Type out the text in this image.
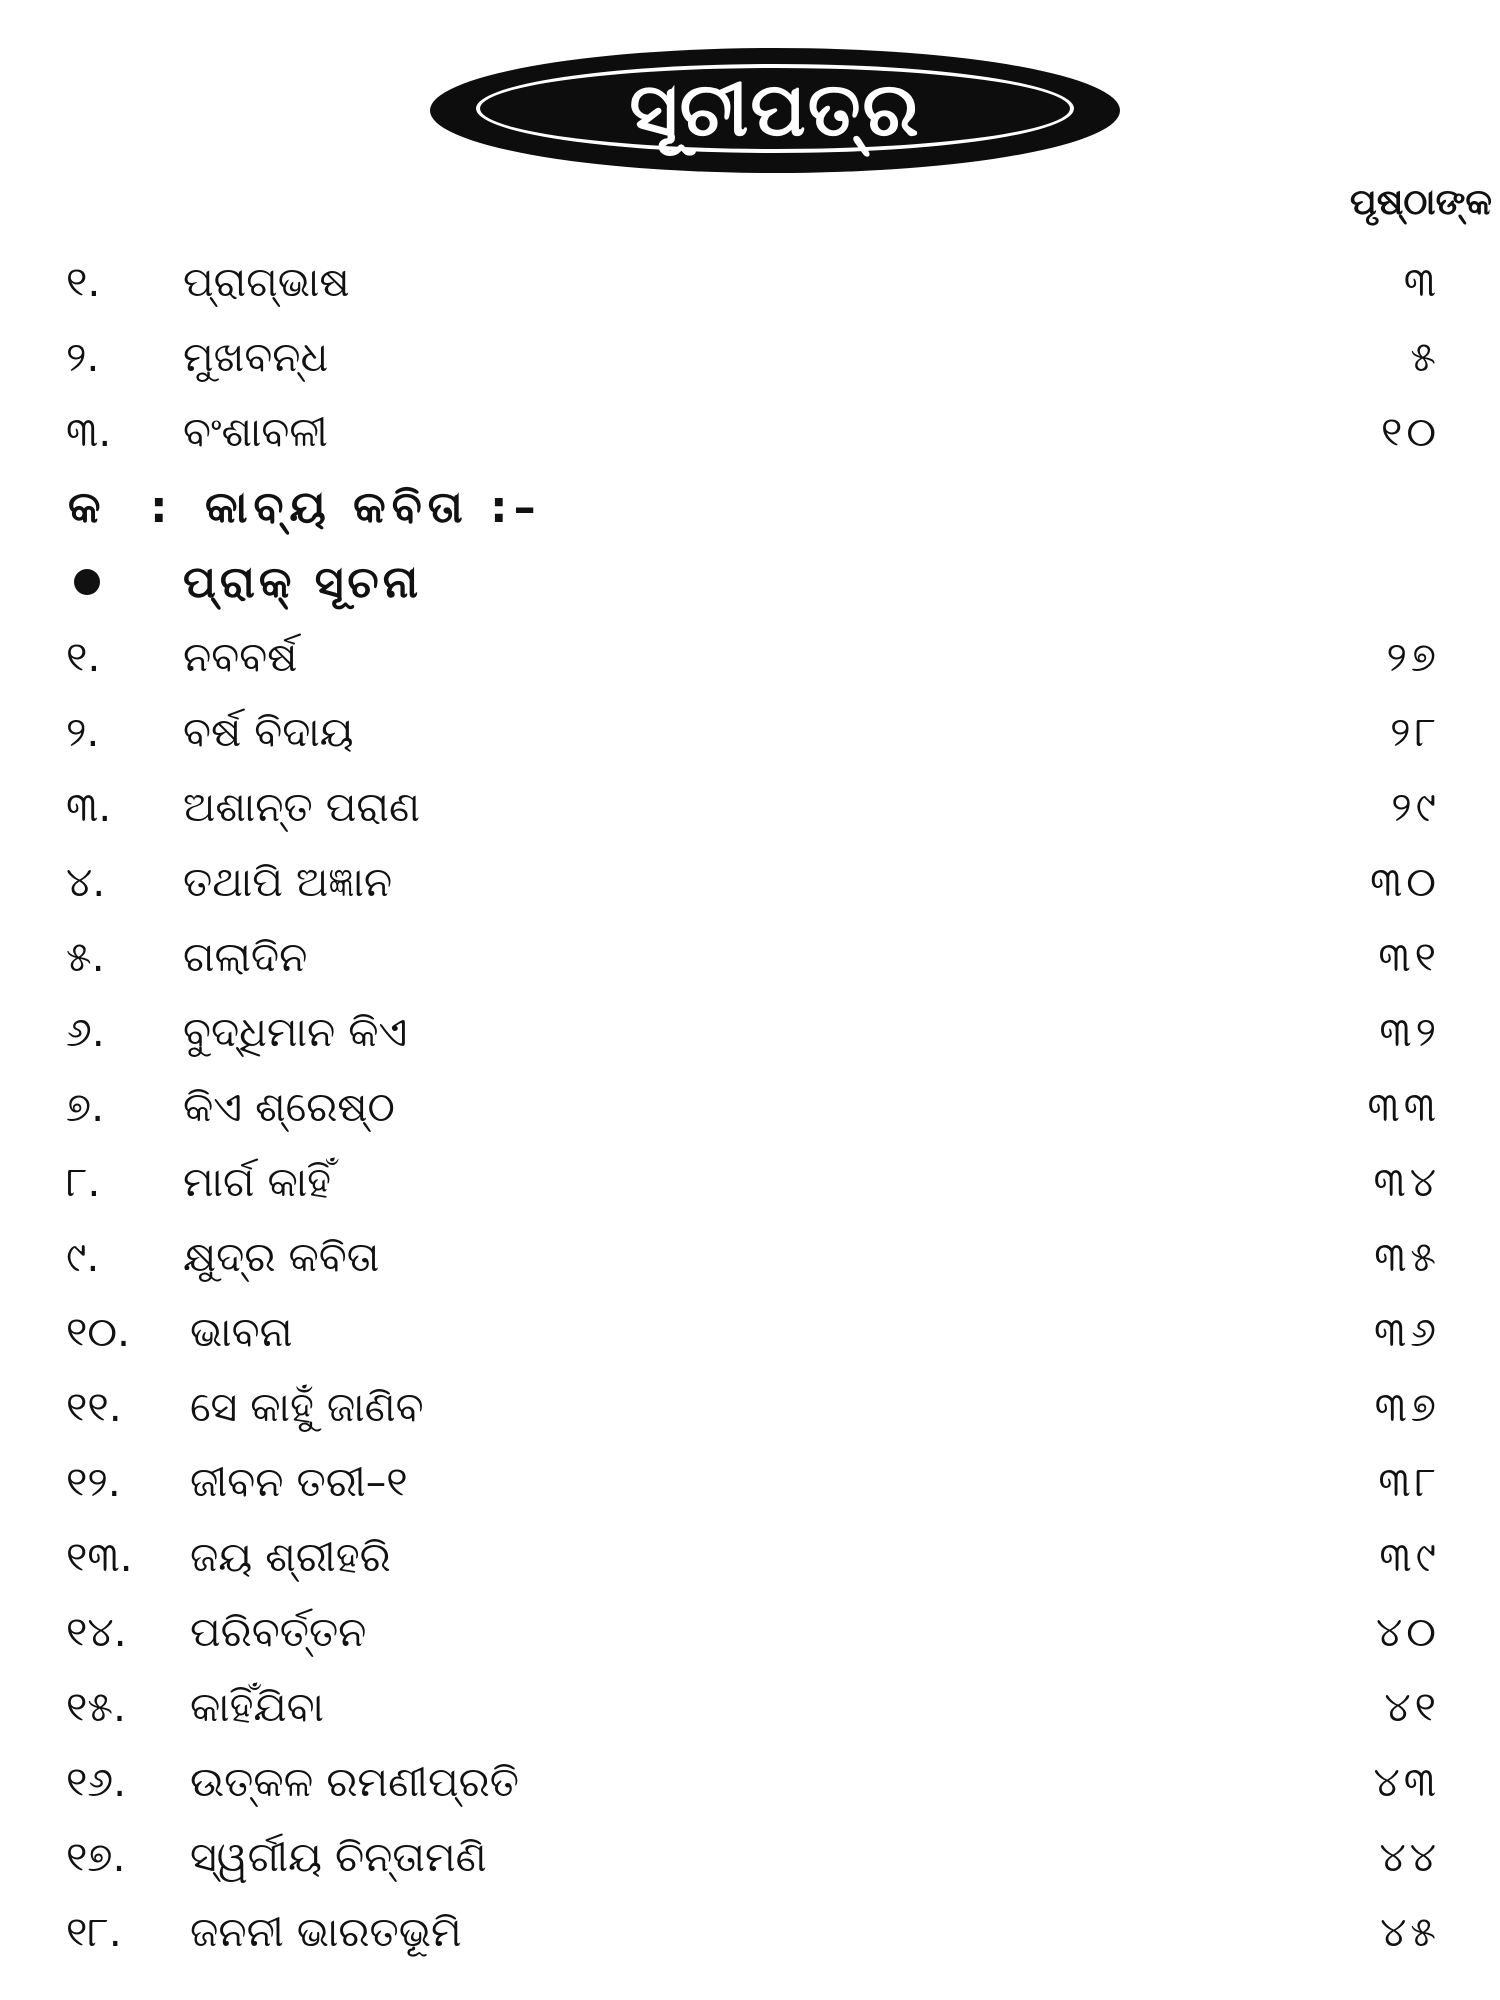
ସୂଚୀପତ୍ର
ପୃଷ୍ଠାଙ୍କ
୧. ପ୍ରାଗ୍‌ଭାଷ	୩
୨. ମୁଖବନ୍ଧ	୫
୩. ବଂଶାବଳୀ	୧୦
କ : କାବ୍ୟ କବିତା :–
ପ୍ରାକ୍ ସୂଚନା
୧. ନବବର୍ଷ	୨୭
୨. ବର୍ଷ ବିଦାୟ	୨୮
୩. ଅଶାନ୍ତ ପରାଣ	୨୯
୪. ତଥାପି ଅଜ୍ଞାନ	୩୦
୫. ଗଲାଦିନ	୩୧
୬. ବୁଦ୍ଧିମାନ କିଏ	୩୨
୭. କିଏ ଶ୍ରେଷ୍ଠ	୩୩
୮. ମାର୍ଗ କାହିଁ	୩୪
୯. କ୍ଷୁଦ୍ର କବିତା	୩୫
୧୦. ଭାବନା	୩୬
୧୧. ସେ କାହୁଁ ଜାଣିବ	୩୭
୧୨. ଜୀବନ ତରୀ–୧	୩୮
୧୩. ଜୟ ଶ୍ରୀହରି	୩୯
୧୪. ପରିବର୍ତ୍ତନ	୪୦
୧୫. କାହିଁଯିବା	୪୧
୧୬. ଉତ୍କଳ ରମଣୀପ୍ରତି	୪୩
୧୭. ସ୍ୱର୍ଗୀୟ ଚିନ୍ତାମଣି	୪୪
୧୮. ଜନନୀ ଭାରତଭୂମି	୪୫
